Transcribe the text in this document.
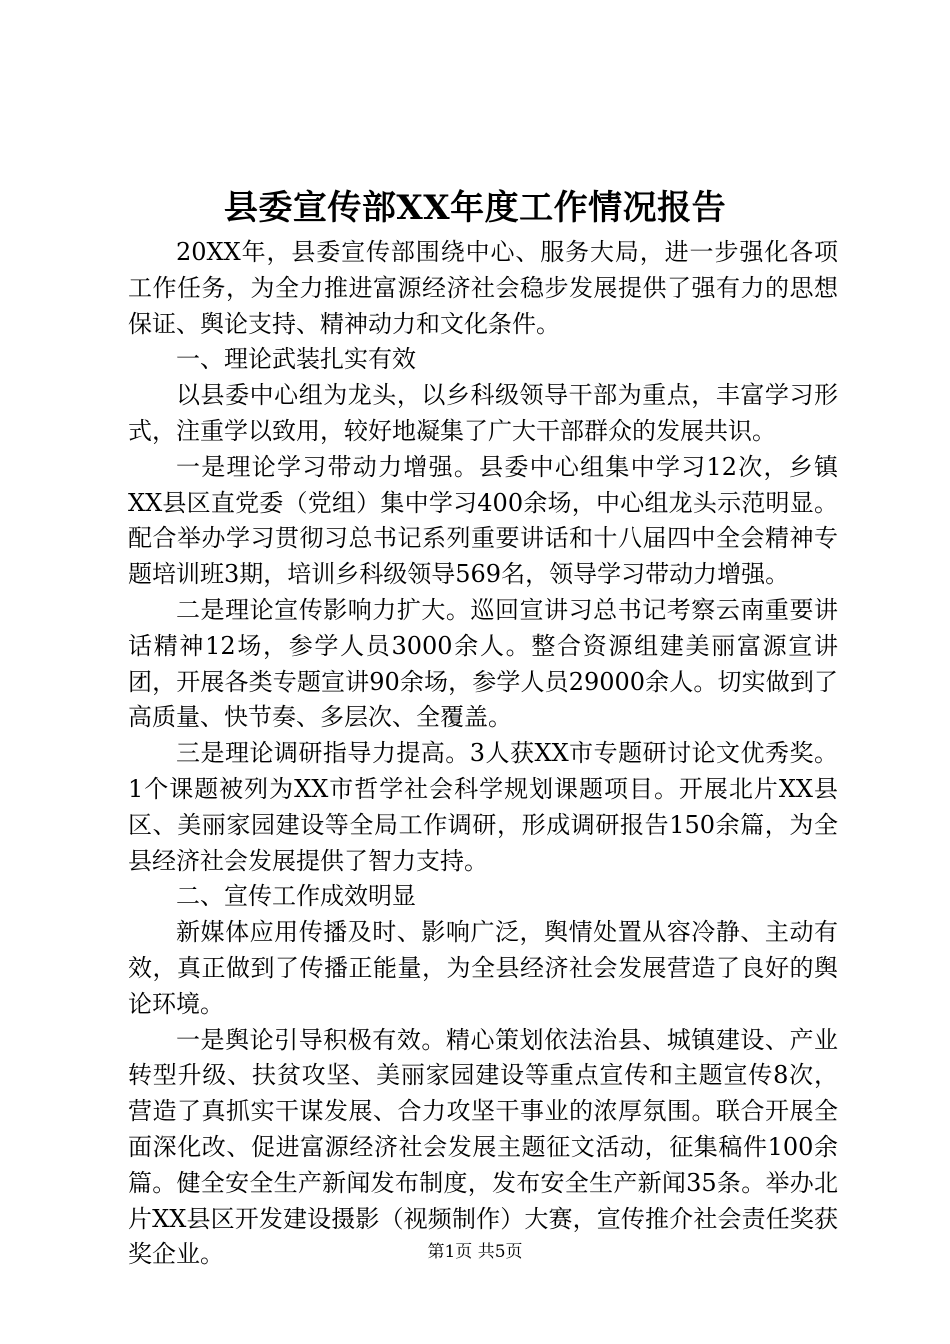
县委宣传部XX年度工作情况报告

20XX年，县委宣传部围绕中心、服务大局，进一步强化各项工作任务，为全力推进富源经济社会稳步发展提供了强有力的思想保证、舆论支持、精神动力和文化条件。

一、理论武装扎实有效

以县委中心组为龙头，以乡科级领导干部为重点，丰富学习形式，注重学以致用，较好地凝集了广大干部群众的发展共识。

一是理论学习带动力增强。县委中心组集中学习12次，乡镇XX县区直党委（党组）集中学习400余场，中心组龙头示范明显。配合举办学习贯彻习总书记系列重要讲话和十八届四中全会精神专题培训班3期，培训乡科级领导569名，领导学习带动力增强。

二是理论宣传影响力扩大。巡回宣讲习总书记考察云南重要讲话精神12场，参学人员3000余人。整合资源组建美丽富源宣讲团，开展各类专题宣讲90余场，参学人员29000余人。切实做到了高质量、快节奏、多层次、全覆盖。

三是理论调研指导力提高。3人获XX市专题研讨论文优秀奖。1个课题被列为XX市哲学社会科学规划课题项目。开展北片XX县区、美丽家园建设等全局工作调研，形成调研报告150余篇，为全县经济社会发展提供了智力支持。

二、宣传工作成效明显

新媒体应用传播及时、影响广泛，舆情处置从容冷静、主动有效，真正做到了传播正能量，为全县经济社会发展营造了良好的舆论环境。

一是舆论引导积极有效。精心策划依法治县、城镇建设、产业转型升级、扶贫攻坚、美丽家园建设等重点宣传和主题宣传8次，营造了真抓实干谋发展、合力攻坚干事业的浓厚氛围。联合开展全面深化改、促进富源经济社会发展主题征文活动，征集稿件100余篇。健全安全生产新闻发布制度，发布安全生产新闻35条。举办北片XX县区开发建设摄影（视频制作）大赛，宣传推介社会责任奖获奖企业。	第1页 共5页
